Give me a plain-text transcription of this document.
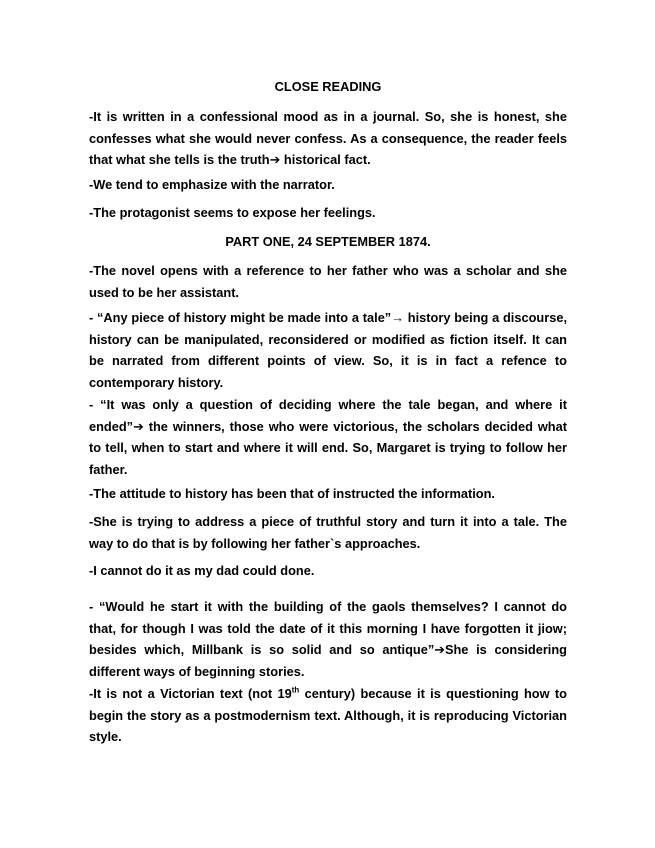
CLOSE READING

-It is written in a confessional mood as in a journal. So, she is honest, she confesses what she would never confess. As a consequence, the reader feels that what she tells is the truth➔ historical fact.

-We tend to emphasize with the narrator.

-The protagonist seems to expose her feelings.

PART ONE, 24 SEPTEMBER 1874.

-The novel opens with a reference to her father who was a scholar and she used to be her assistant.

- “Any piece of history might be made into a tale”→ history being a discourse, history can be manipulated, reconsidered or modified as fiction itself. It can be narrated from different points of view. So, it is in fact a refence to contemporary history.

- “It was only a question of deciding where the tale began, and where it ended”➔ the winners, those who were victorious, the scholars decided what to tell, when to start and where it will end. So, Margaret is trying to follow her father.

-The attitude to history has been that of instructed the information.

-She is trying to address a piece of truthful story and turn it into a tale. The way to do that is by following her father`s approaches.

-I cannot do it as my dad could done.

- “Would he start it with the building of the gaols themselves? I cannot do that, for though I was told the date of it this morning I have forgotten it jiow; besides which, Millbank is so solid and so antique”➔She is considering different ways of beginning stories.

-It is not a Victorian text (not 19th century) because it is questioning how to begin the story as a postmodernism text. Although, it is reproducing Victorian style.
